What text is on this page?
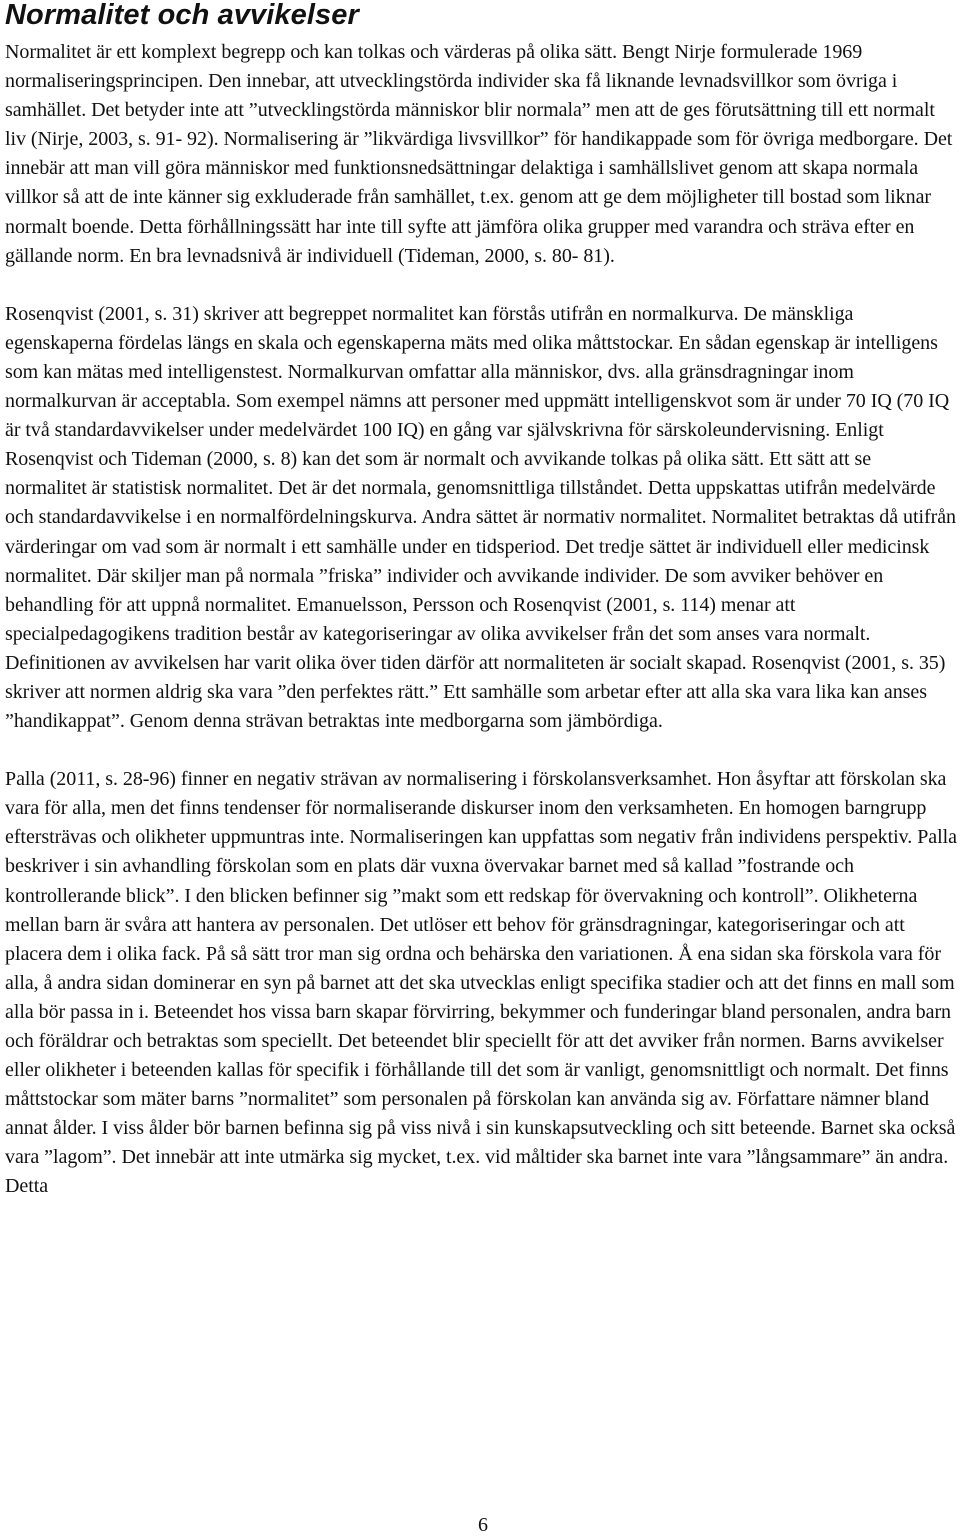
Normalitet och avvikelser

Normalitet är ett komplext begrepp och kan tolkas och värderas på olika sätt. Bengt Nirje formulerade 1969 normaliseringsprincipen. Den innebar, att utvecklingstörda individer ska få liknande levnadsvillkor som övriga i samhället. Det betyder inte att ”utvecklingstörda människor blir normala” men att de ges förutsättning till ett normalt liv (Nirje, 2003, s. 91- 92). Normalisering är ”likvärdiga livsvillkor” för handikappade som för övriga medborgare. Det innebär att man vill göra människor med funktionsnedsättningar delaktiga i samhällslivet genom att skapa normala villkor så att de inte känner sig exkluderade från samhället, t.ex. genom att ge dem möjligheter till bostad som liknar normalt boende. Detta förhållningssätt har inte till syfte att jämföra olika grupper med varandra och sträva efter en gällande norm. En bra levnadsnivå är individuell (Tideman, 2000, s. 80- 81).

Rosenqvist (2001, s. 31) skriver att begreppet normalitet kan förstås utifrån en normalkurva. De mänskliga egenskaperna fördelas längs en skala och egenskaperna mäts med olika måttstockar. En sådan egenskap är intelligens som kan mätas med intelligenstest. Normalkurvan omfattar alla människor, dvs. alla gränsdragningar inom normalkurvan är acceptabla. Som exempel nämns att personer med uppmätt intelligenskvot som är under 70 IQ (70 IQ är två standardavvikelser under medelvärdet 100 IQ) en gång var självskrivna för särskoleundervisning. Enligt Rosenqvist och Tideman (2000, s. 8) kan det som är normalt och avvikande tolkas på olika sätt. Ett sätt att se normalitet är statistisk normalitet. Det är det normala, genomsnittliga tillståndet. Detta uppskattas utifrån medelvärde och standardavvikelse i en normalfördelningskurva. Andra sättet är normativ normalitet. Normalitet betraktas då utifrån värderingar om vad som är normalt i ett samhälle under en tidsperiod. Det tredje sättet är individuell eller medicinsk normalitet. Där skiljer man på normala ”friska” individer och avvikande individer. De som avviker behöver en behandling för att uppnå normalitet. Emanuelsson, Persson och Rosenqvist (2001, s. 114) menar att specialpedagogikens tradition består av kategoriseringar av olika avvikelser från det som anses vara normalt. Definitionen av avvikelsen har varit olika över tiden därför att normaliteten är socialt skapad. Rosenqvist (2001, s. 35) skriver att normen aldrig ska vara ”den perfektes rätt.” Ett samhälle som arbetar efter att alla ska vara lika kan anses ”handikappat”. Genom denna strävan betraktas inte medborgarna som jämbördiga.

Palla (2011, s. 28-96) finner en negativ strävan av normalisering i förskolansverksamhet. Hon åsyftar att förskolan ska vara för alla, men det finns tendenser för normaliserande diskurser inom den verksamheten. En homogen barngrupp eftersträvas och olikheter uppmuntras inte. Normaliseringen kan uppfattas som negativ från individens perspektiv. Palla beskriver i sin avhandling förskolan som en plats där vuxna övervakar barnet med så kallad ”fostrande och kontrollerande blick”. I den blicken befinner sig ”makt som ett redskap för övervakning och kontroll”. Olikheterna mellan barn är svåra att hantera av personalen. Det utlöser ett behov för gränsdragningar, kategoriseringar och att placera dem i olika fack. På så sätt tror man sig ordna och behärska den variationen. Å ena sidan ska förskola vara för alla, å andra sidan dominerar en syn på barnet att det ska utvecklas enligt specifika stadier och att det finns en mall som alla bör passa in i. Beteendet hos vissa barn skapar förvirring, bekymmer och funderingar bland personalen, andra barn och föräldrar och betraktas som speciellt. Det beteendet blir speciellt för att det avviker från normen. Barns avvikelser eller olikheter i beteenden kallas för specifik i förhållande till det som är vanligt, genomsnittligt och normalt. Det finns måttstockar som mäter barns ”normalitet” som personalen på förskolan kan använda sig av. Författare nämner bland annat ålder. I viss ålder bör barnen befinna sig på viss nivå i sin kunskapsutveckling och sitt beteende. Barnet ska också vara ”lagom”. Det innebär att inte utmärka sig mycket, t.ex. vid måltider ska barnet inte vara ”långsammare” än andra. Detta

6
